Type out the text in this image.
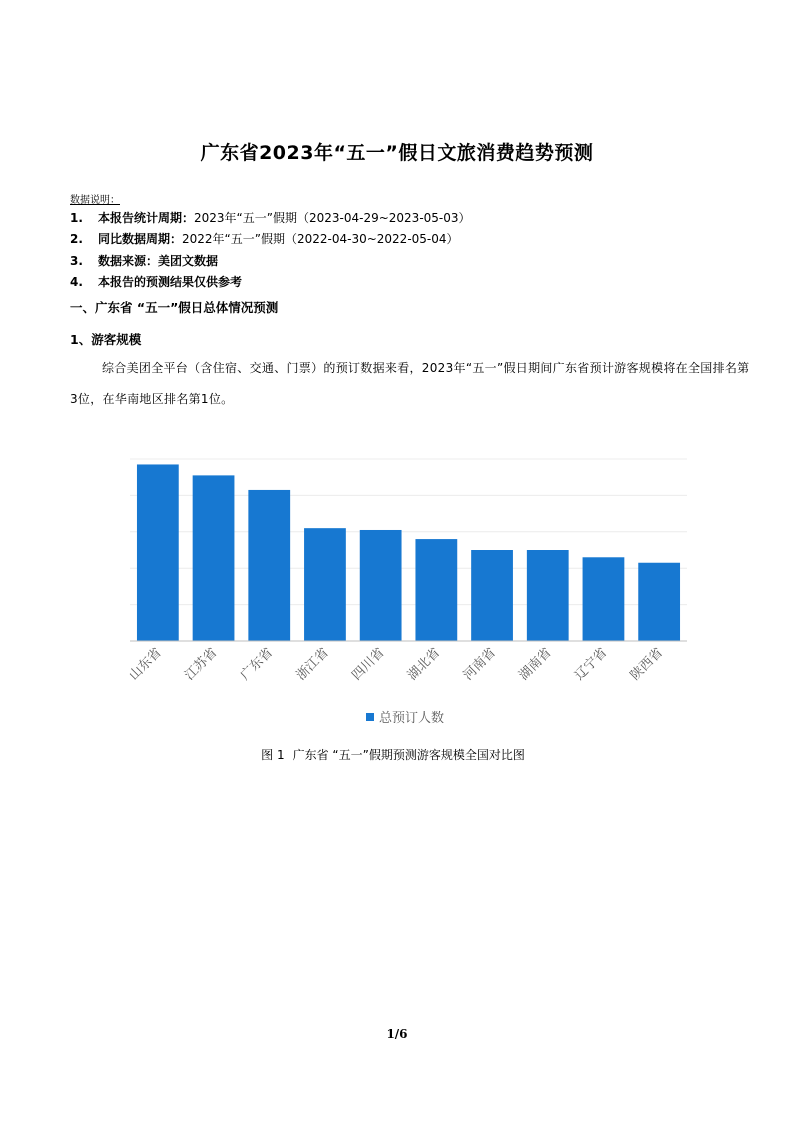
广东省2023年“五一”假日文旅消费趋势预测
数据说明：
1. 本报告统计周期：2023年“五一”假期（2023-04-29~2023-05-03）
2. 同比数据周期：2022年“五一”假期（2022-04-30~2022-05-04）
3. 数据来源：美团文数据
4. 本报告的预测结果仅供参考
一、广东省 “五一”假日总体情况预测
1、游客规模
综合美团全平台（含住宿、交通、门票）的预订数据来看，2023年“五一”假日期间广东省预计游客规模将在全国排名第3位，在华南地区排名第1位。
山东省 江苏省 广东省 浙江省 四川省 湖北省 河南省 湖南省 辽宁省 陕西省
总预订人数
图 1 广东省 “五一”假期预测游客规模全国对比图
1/6
